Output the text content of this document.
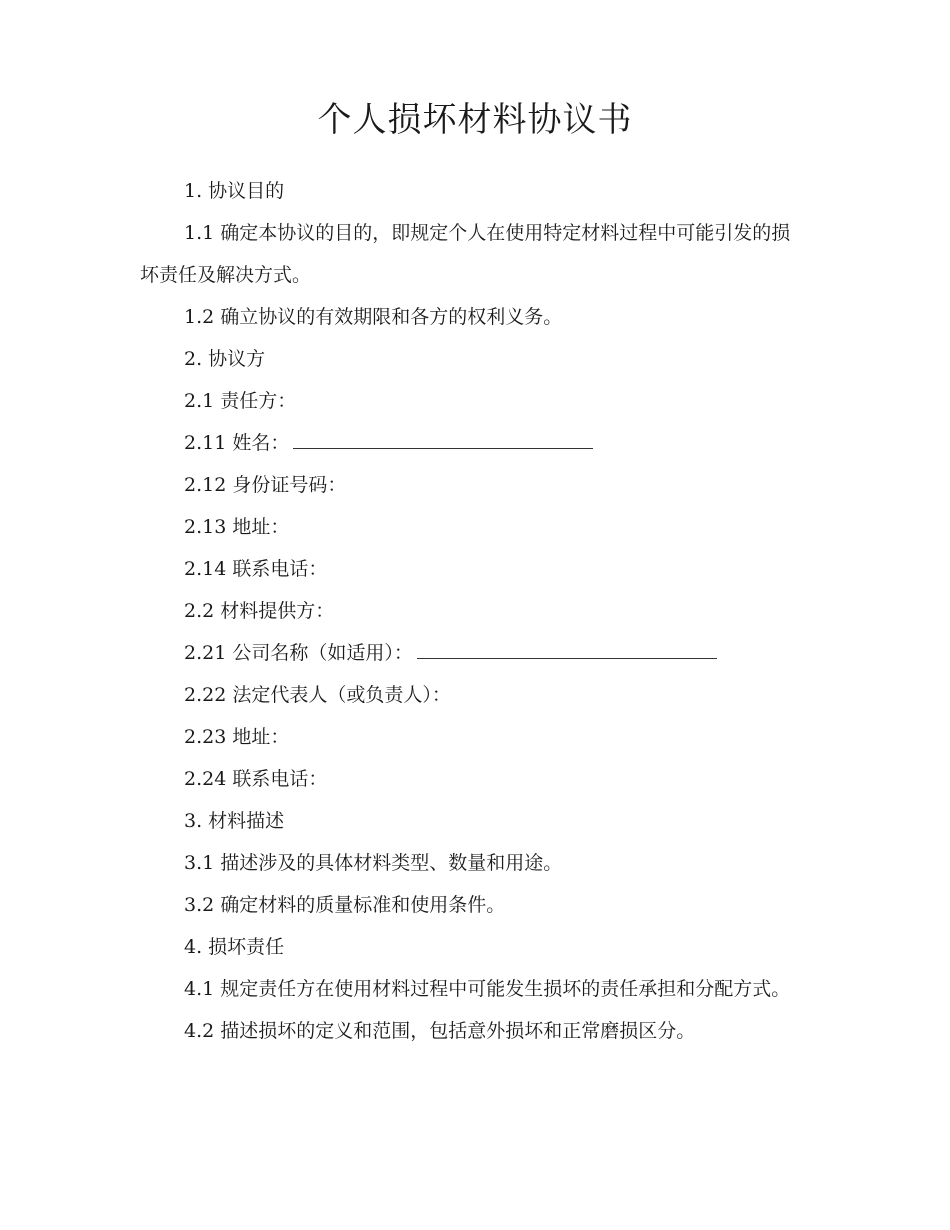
个人损坏材料协议书

1. 协议目的

1.1 确定本协议的目的，即规定个人在使用特定材料过程中可能引发的损坏责任及解决方式。

1.2 确立协议的有效期限和各方的权利义务。

2. 协议方

2.1 责任方：

2.11 姓名：

2.12 身份证号码：

2.13 地址：

2.14 联系电话：

2.2 材料提供方：

2.21 公司名称（如适用）：

2.22 法定代表人（或负责人）：

2.23 地址：

2.24 联系电话：

3. 材料描述

3.1 描述涉及的具体材料类型、数量和用途。

3.2 确定材料的质量标准和使用条件。

4. 损坏责任

4.1 规定责任方在使用材料过程中可能发生损坏的责任承担和分配方式。

4.2 描述损坏的定义和范围，包括意外损坏和正常磨损区分。
